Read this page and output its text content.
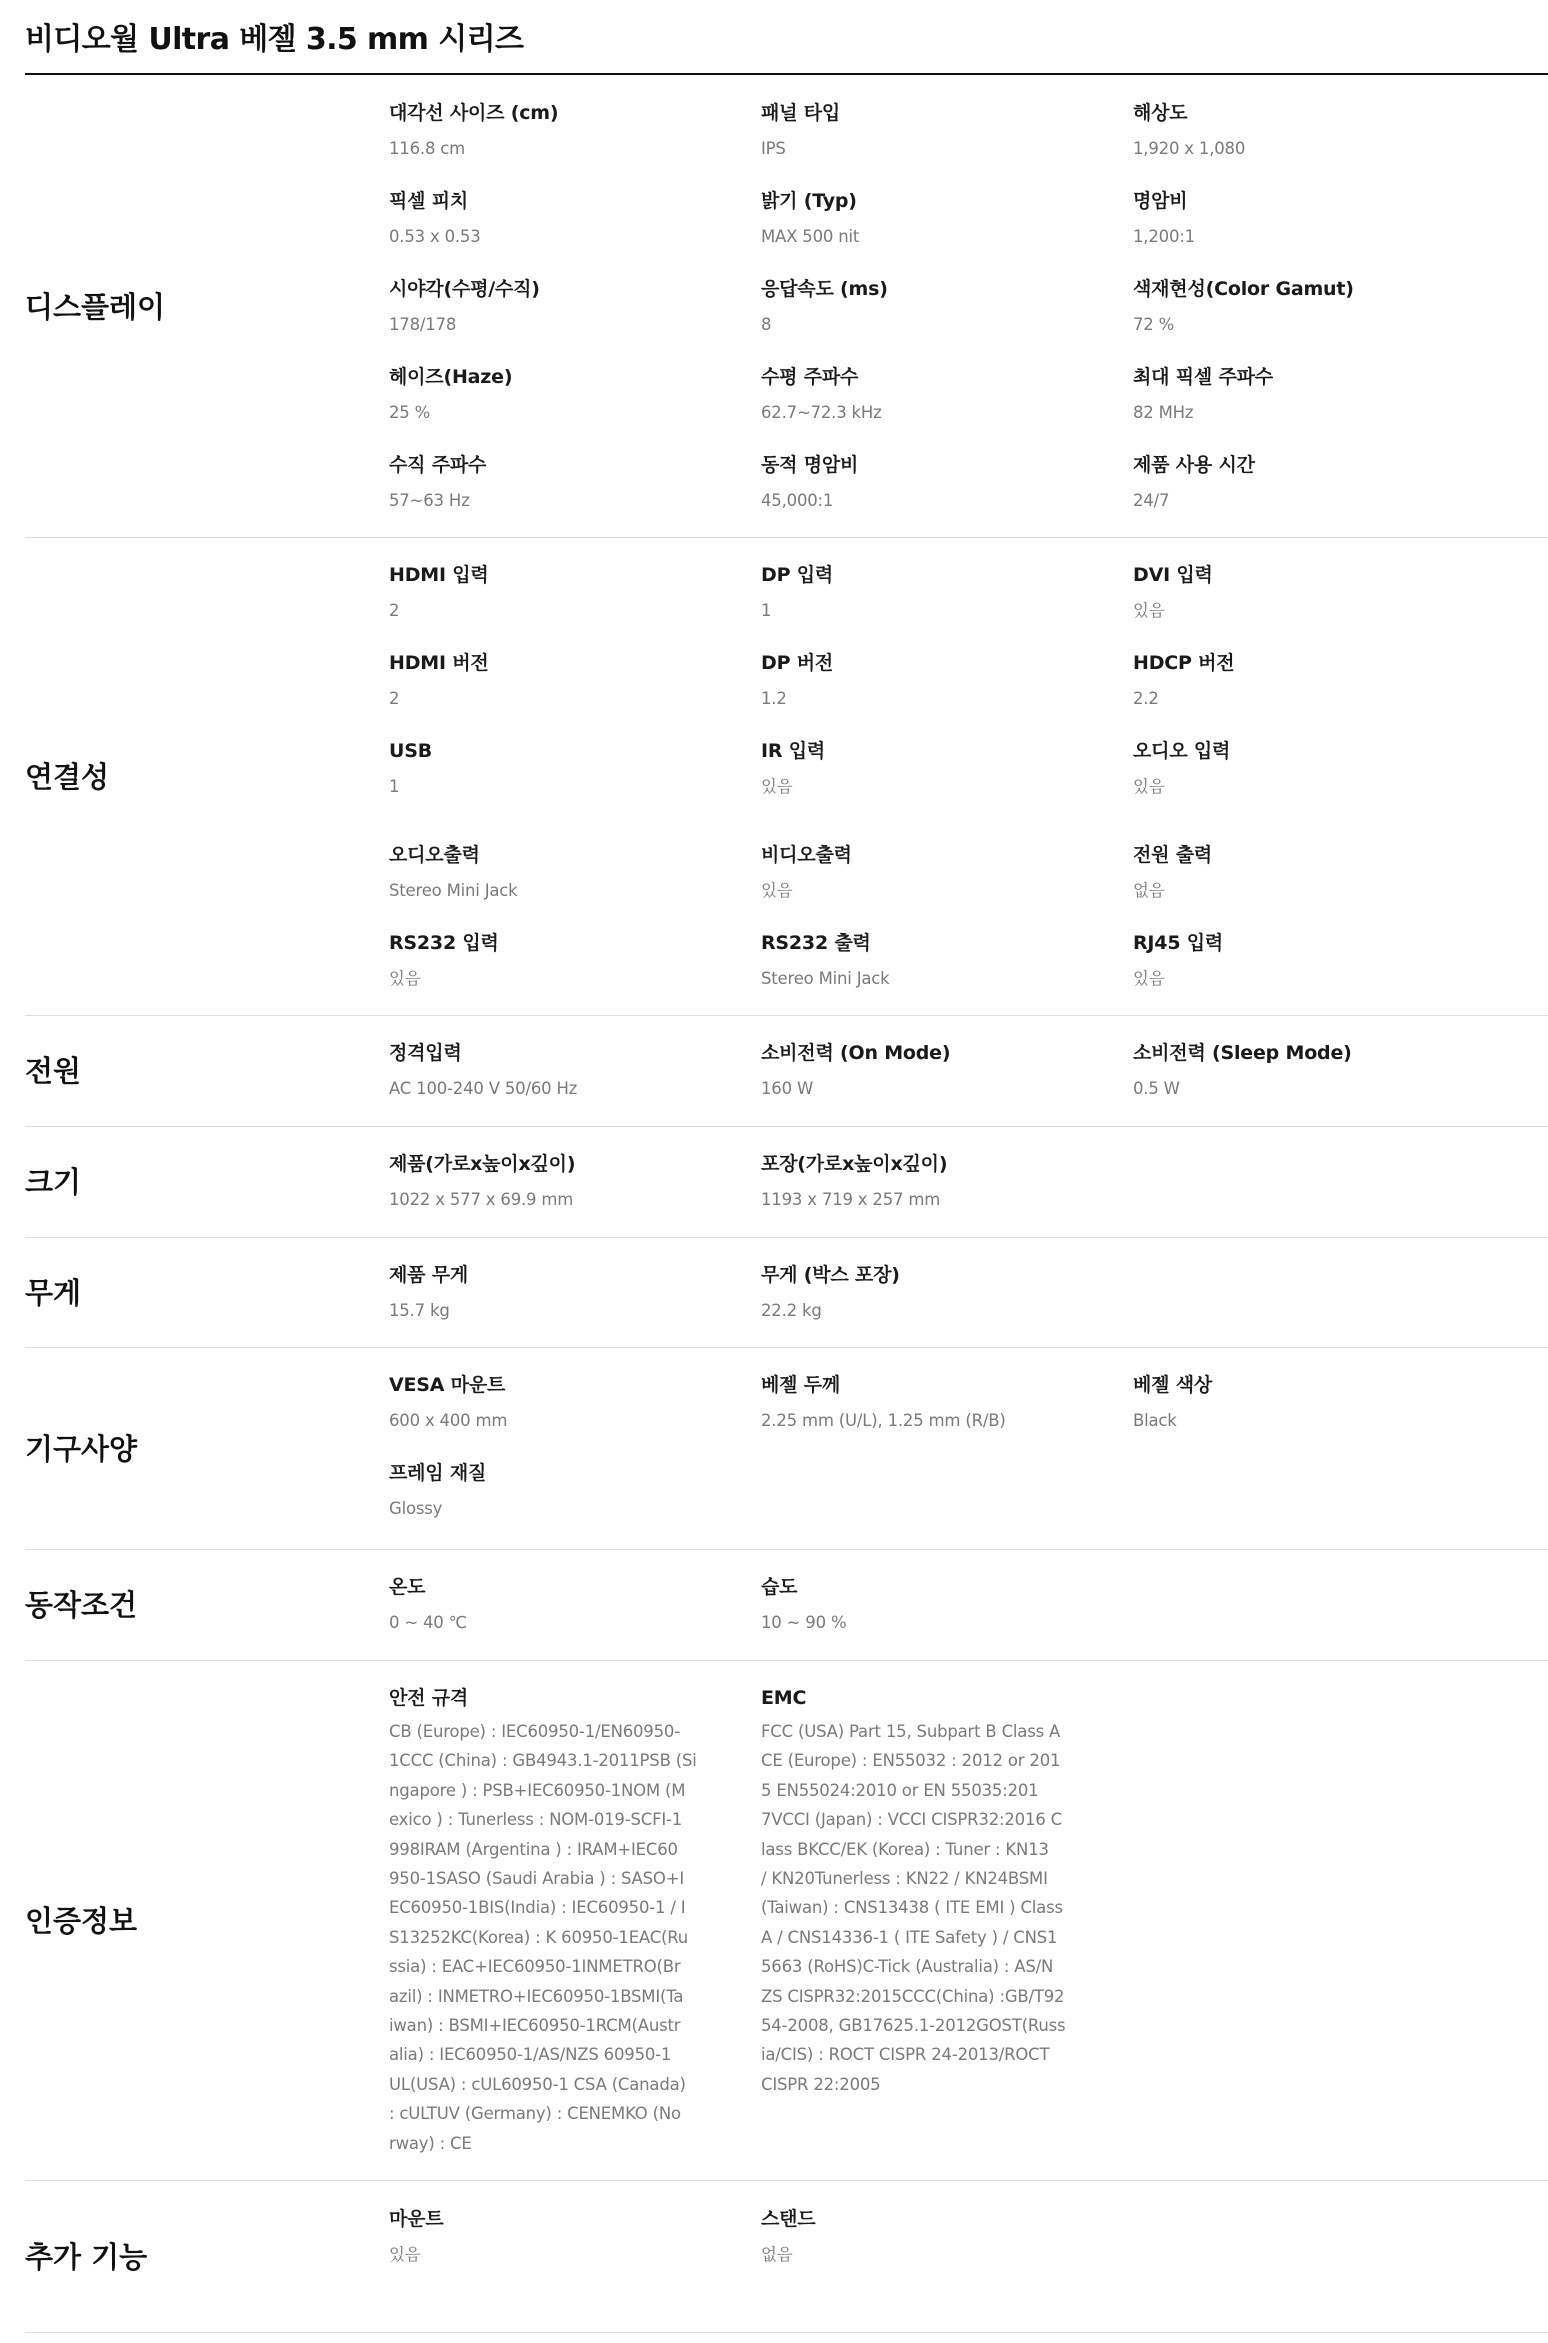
비디오월 Ultra 베젤 3.5 mm 시리즈
디스플레이
대각선 사이즈 (cm)
116.8 cm
패널 타입
IPS
해상도
1,920 x 1,080
픽셀 피치
0.53 x 0.53
밝기 (Typ)
MAX 500 nit
명암비
1,200:1
시야각(수평/수직)
178/178
응답속도 (ms)
8
색재현성(Color Gamut)
72 %
헤이즈(Haze)
25 %
수평 주파수
62.7~72.3 kHz
최대 픽셀 주파수
82 MHz
수직 주파수
57~63 Hz
동적 명암비
45,000:1
제품 사용 시간
24/7
연결성
HDMI 입력
2
DP 입력
1
DVI 입력
있음
HDMI 버전
2
DP 버전
1.2
HDCP 버전
2.2
USB
1
IR 입력
있음
오디오 입력
있음
오디오출력
Stereo Mini Jack
비디오출력
있음
전원 출력
없음
RS232 입력
있음
RS232 출력
Stereo Mini Jack
RJ45 입력
있음
전원
정격입력
AC 100-240 V 50/60 Hz
소비전력 (On Mode)
160 W
소비전력 (Sleep Mode)
0.5 W
크기
제품(가로x높이x깊이)
1022 x 577 x 69.9 mm
포장(가로x높이x깊이)
1193 x 719 x 257 mm
무게
제품 무게
15.7 kg
무게 (박스 포장)
22.2 kg
기구사양
VESA 마운트
600 x 400 mm
베젤 두께
2.25 mm (U/L), 1.25 mm (R/B)
베젤 색상
Black
프레임 재질
Glossy
동작조건
온도
0 ~ 40 ℃
습도
10 ~ 90 %
인증정보
안전 규격
CB (Europe) : IEC60950-1/EN60950-
1CCC (China) : GB4943.1-2011PSB (Si
ngapore ) : PSB+IEC60950-1NOM (M
exico ) : Tunerless : NOM-019-SCFI-1
998IRAM (Argentina ) : IRAM+IEC60
950-1SASO (Saudi Arabia ) : SASO+I
EC60950-1BIS(India) : IEC60950-1 / I
S13252KC(Korea) : K 60950-1EAC(Ru
ssia) : EAC+IEC60950-1INMETRO(Br
azil) : INMETRO+IEC60950-1BSMI(Ta
iwan) : BSMI+IEC60950-1RCM(Austr
alia) : IEC60950-1/AS/NZS 60950-1
UL(USA) : cUL60950-1 CSA (Canada)
: cULTUV (Germany) : CENEMKO (No
rway) : CE
EMC
FCC (USA) Part 15, Subpart B Class A
CE (Europe) : EN55032 : 2012 or 201
5 EN55024:2010 or EN 55035:201
7VCCI (Japan) : VCCI CISPR32:2016 C
lass BKCC/EK (Korea) : Tuner : KN13
/ KN20Tunerless : KN22 / KN24BSMI
(Taiwan) : CNS13438 ( ITE EMI ) Class
A / CNS14336-1 ( ITE Safety ) / CNS1
5663 (RoHS)C-Tick (Australia) : AS/N
ZS CISPR32:2015CCC(China) :GB/T92
54-2008, GB17625.1-2012GOST(Russ
ia/CIS) : ROCT CISPR 24-2013/ROCT
CISPR 22:2005
추가 기능
마운트
있음
스탠드
없음
